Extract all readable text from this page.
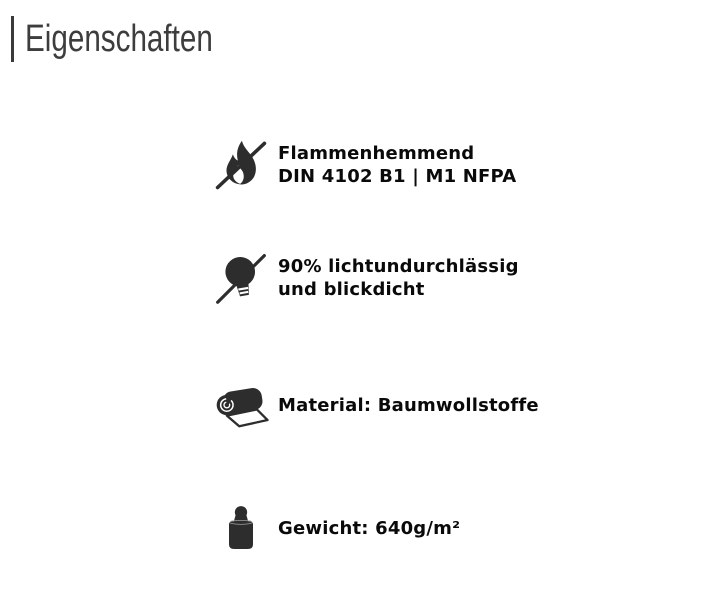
Eigenschaften
Flammenhemmend
DIN 4102 B1 | M1 NFPA
90% lichtundurchlässig
und blickdicht
Material: Baumwollstoffe
Gewicht: 640g/m²
